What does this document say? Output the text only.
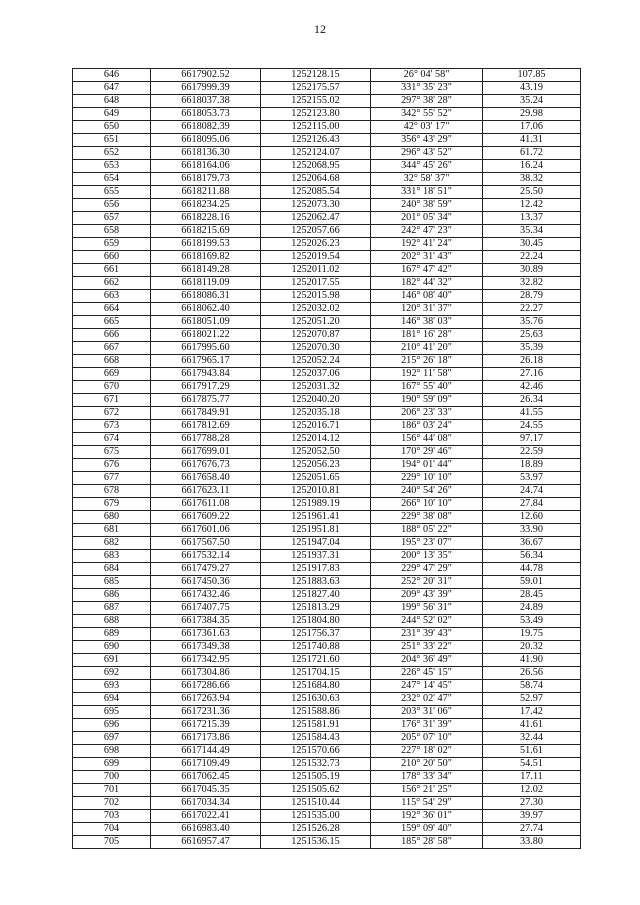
12
646	6617902.52	1252128.15	26° 04' 58"	107.85
647	6617999.39	1252175.57	331° 35' 23"	43.19
648	6618037.38	1252155.02	297° 38' 28"	35.24
649	6618053.73	1252123.80	342° 55' 52"	29.98
650	6618082.39	1252115.00	42° 03' 17"	17.06
651	6618095.06	1252126.43	356° 43' 29"	41.31
652	6618136.30	1252124.07	296° 43' 52"	61.72
653	6618164.06	1252068.95	344° 45' 26"	16.24
654	6618179.73	1252064.68	32° 58' 37"	38.32
655	6618211.88	1252085.54	331° 18' 51"	25.50
656	6618234.25	1252073.30	240° 38' 59"	12.42
657	6618228.16	1252062.47	201° 05' 34"	13.37
658	6618215.69	1252057.66	242° 47' 23"	35.34
659	6618199.53	1252026.23	192° 41' 24"	30.45
660	6618169.82	1252019.54	202° 31' 43"	22.24
661	6618149.28	1252011.02	167° 47' 42"	30.89
662	6618119.09	1252017.55	182° 44' 32"	32.82
663	6618086.31	1252015.98	146° 08' 40"	28.79
664	6618062.40	1252032.02	120° 31' 37"	22.27
665	6618051.09	1252051.20	146° 38' 03"	35.76
666	6618021.22	1252070.87	181° 16' 28"	25.63
667	6617995.60	1252070.30	210° 41' 20"	35.39
668	6617965.17	1252052.24	215° 26' 18"	26.18
669	6617943.84	1252037.06	192° 11' 58"	27.16
670	6617917.29	1252031.32	167° 55' 40"	42.46
671	6617875.77	1252040.20	190° 59' 09"	26.34
672	6617849.91	1252035.18	206° 23' 33"	41.55
673	6617812.69	1252016.71	186° 03' 24"	24.55
674	6617788.28	1252014.12	156° 44' 08"	97.17
675	6617699.01	1252052.50	170° 29' 46"	22.59
676	6617676.73	1252056.23	194° 01' 44"	18.89
677	6617658.40	1252051.65	229° 10' 10"	53.97
678	6617623.11	1252010.81	240° 54' 26"	24.74
679	6617611.08	1251989.19	266° 10' 10"	27.84
680	6617609.22	1251961.41	229° 38' 08"	12.60
681	6617601.06	1251951.81	188° 05' 22"	33.90
682	6617567.50	1251947.04	195° 23' 07"	36.67
683	6617532.14	1251937.31	200° 13' 35"	56.34
684	6617479.27	1251917.83	229° 47' 29"	44.78
685	6617450.36	1251883.63	252° 20' 31"	59.01
686	6617432.46	1251827.40	209° 43' 39"	28.45
687	6617407.75	1251813.29	199° 56' 31"	24.89
688	6617384.35	1251804.80	244° 52' 02"	53.49
689	6617361.63	1251756.37	231° 39' 43"	19.75
690	6617349.38	1251740.88	251° 33' 22"	20.32
691	6617342.95	1251721.60	204° 36' 49"	41.90
692	6617304.86	1251704.15	226° 45' 15"	26.56
693	6617286.66	1251684.80	247° 14' 45"	58.74
694	6617263.94	1251630.63	232° 02' 47"	52.97
695	6617231.36	1251588.86	203° 31' 06"	17.42
696	6617215.39	1251581.91	176° 31' 39"	41.61
697	6617173.86	1251584.43	205° 07' 10"	32.44
698	6617144.49	1251570.66	227° 18' 02"	51.61
699	6617109.49	1251532.73	210° 20' 50"	54.51
700	6617062.45	1251505.19	178° 33' 34"	17.11
701	6617045.35	1251505.62	156° 21' 25"	12.02
702	6617034.34	1251510.44	115° 54' 29"	27.30
703	6617022.41	1251535.00	192° 36' 01"	39.97
704	6616983.40	1251526.28	159° 09' 40"	27.74
705	6616957.47	1251536.15	185° 28' 58"	33.80
